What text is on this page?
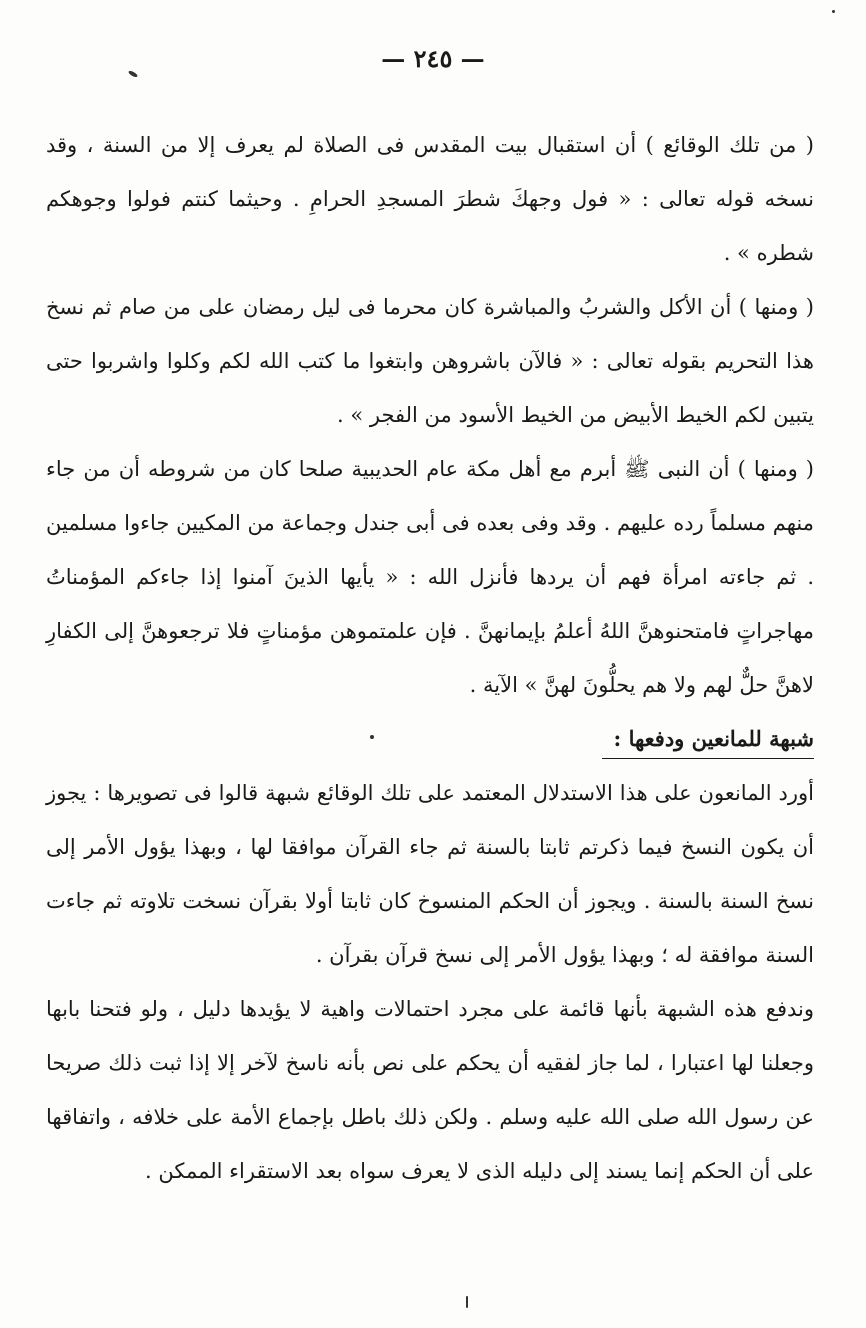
— ٢٤٥ —

( من تلك الوقائع ) أن استقبال بيت المقدس فى الصلاة لم يعرف إلا من السنة ، وقد نسخه قوله تعالى : « فول وجهكَ شطرَ المسجدِ الحرامِ . وحيثما كنتم فولوا وجوهكم شطره » .

( ومنها ) أن الأكل والشربُ والمباشرة كان محرما فى ليل رمضان على من صام ثم نسخ هذا التحريم بقوله تعالى : « فالآن باشروهن وابتغوا ما كتب الله لكم وكلوا واشربوا حتى يتبين لكم الخيط الأبيض من الخيط الأسود من الفجر » .

( ومنها ) أن النبى ﷺ أبرم مع أهل مكة عام الحديبية صلحا كان من شروطه أن من جاء منهم مسلماً رده عليهم . وقد وفى بعده فى أبى جندل وجماعة من المكيين جاءوا مسلمين . ثم جاءته امرأة فهم أن يردها فأنزل الله : « يأيها الذينَ آمنوا إذا جاءكم المؤمناتُ مهاجراتٍ فامتحنوهنَّ اللهُ أعلمُ بإيمانهنَّ . فإن علمتموهن مؤمناتٍ فلا ترجعوهنَّ إلى الكفارِ لاهنَّ حلٌّ لهم ولا هم يحلُّونَ لهنَّ » الآية .

شبهة للمانعين ودفعها :

أورد المانعون على هذا الاستدلال المعتمد على تلك الوقائع شبهة قالوا فى تصويرها : يجوز أن يكون النسخ فيما ذكرتم ثابتا بالسنة ثم جاء القرآن موافقا لها ، وبهذا يؤول الأمر إلى نسخ السنة بالسنة . ويجوز أن الحكم المنسوخ كان ثابتا أولا بقرآن نسخت تلاوته ثم جاءت السنة موافقة له ؛ وبهذا يؤول الأمر إلى نسخ قرآن بقرآن .

وندفع هذه الشبهة بأنها قائمة على مجرد احتمالات واهية لا يؤيدها دليل ، ولو فتحنا بابها وجعلنا لها اعتبارا ، لما جاز لفقيه أن يحكم على نص بأنه ناسخ لآخر إلا إذا ثبت ذلك صريحا عن رسول الله صلى الله عليه وسلم . ولكن ذلك باطل بإجماع الأمة على خلافه ، واتفاقها على أن الحكم إنما يسند إلى دليله الذى لا يعرف سواه بعد الاستقراء الممكن .
